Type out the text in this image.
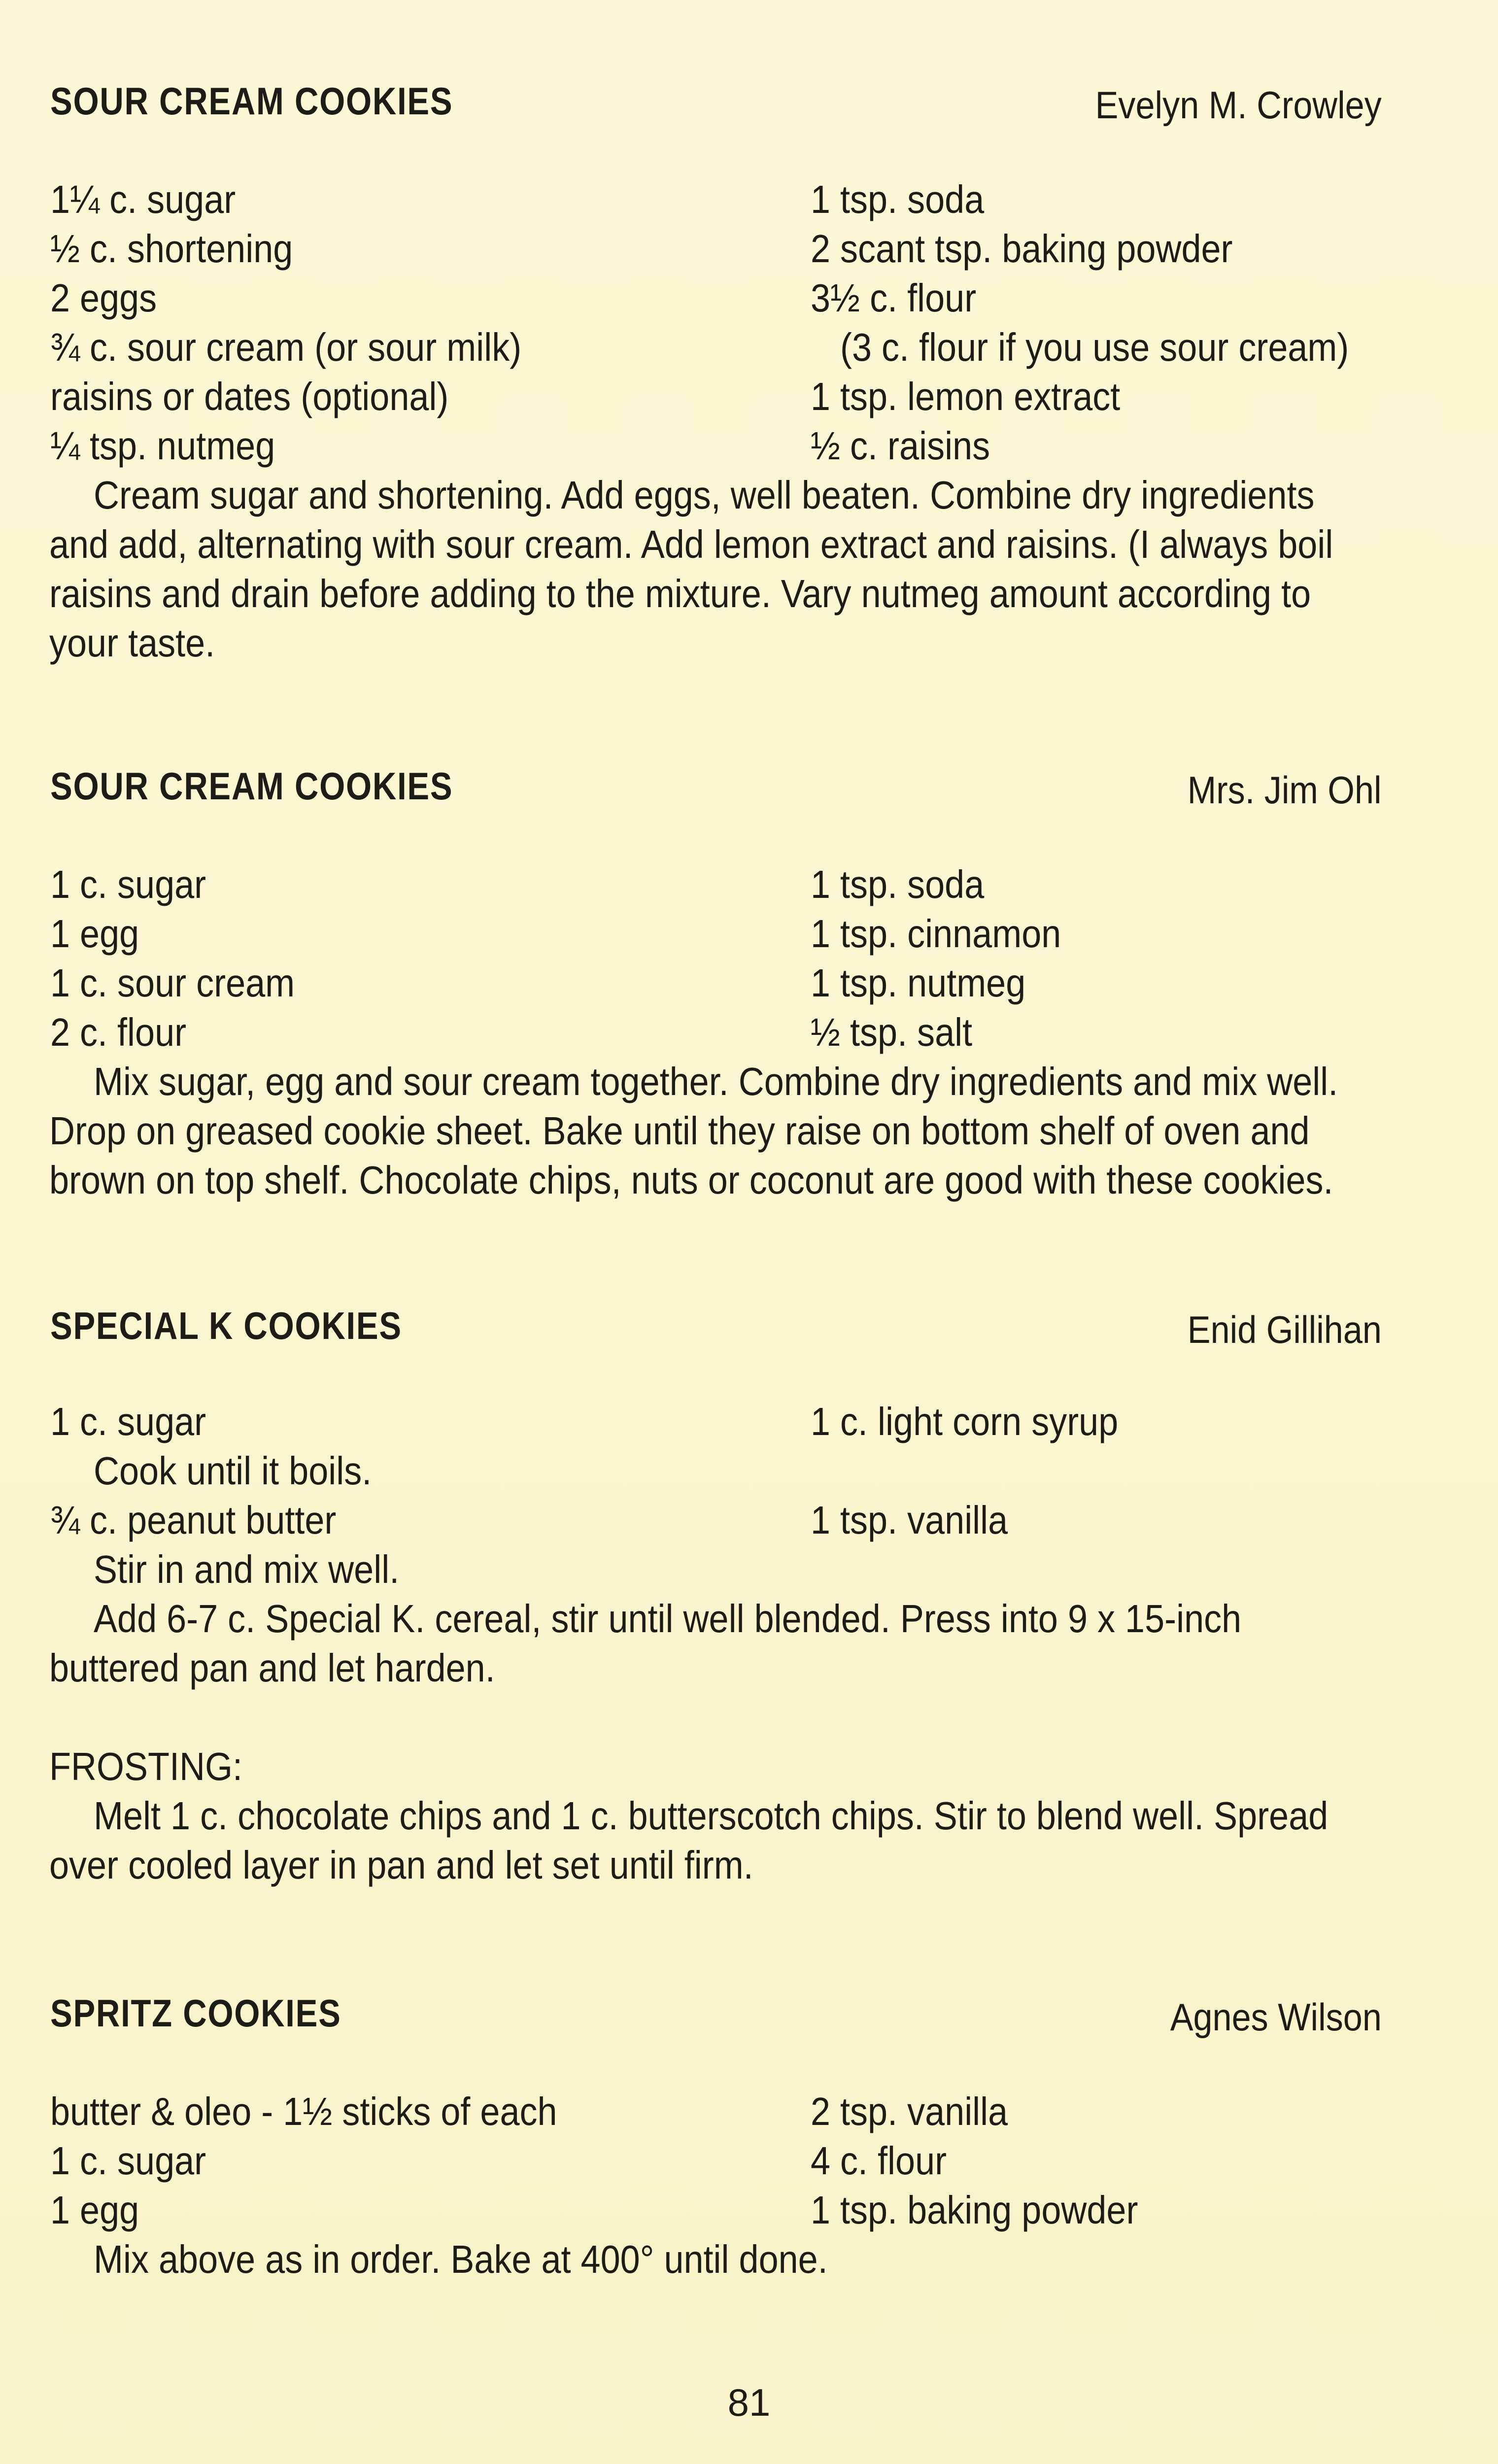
SOUR CREAM COOKIES	Evelyn M. Crowley
1¼ c. sugar	1 tsp. soda
½ c. shortening	2 scant tsp. baking powder
2 eggs	3½ c. flour
¾ c. sour cream (or sour milk)	(3 c. flour if you use sour cream)
raisins or dates (optional)	1 tsp. lemon extract
¼ tsp. nutmeg	½ c. raisins
Cream sugar and shortening. Add eggs, well beaten. Combine dry ingredients
and add, alternating with sour cream. Add lemon extract and raisins. (I always boil
raisins and drain before adding to the mixture. Vary nutmeg amount according to
your taste.
SOUR CREAM COOKIES	Mrs. Jim Ohl
1 c. sugar	1 tsp. soda
1 egg	1 tsp. cinnamon
1 c. sour cream	1 tsp. nutmeg
2 c. flour	½ tsp. salt
Mix sugar, egg and sour cream together. Combine dry ingredients and mix well.
Drop on greased cookie sheet. Bake until they raise on bottom shelf of oven and
brown on top shelf. Chocolate chips, nuts or coconut are good with these cookies.
SPECIAL K COOKIES	Enid Gillihan
1 c. sugar	1 c. light corn syrup
Cook until it boils.
¾ c. peanut butter	1 tsp. vanilla
Stir in and mix well.
Add 6-7 c. Special K. cereal, stir until well blended. Press into 9 x 15-inch
buttered pan and let harden.
FROSTING:
Melt 1 c. chocolate chips and 1 c. butterscotch chips. Stir to blend well. Spread
over cooled layer in pan and let set until firm.
SPRITZ COOKIES	Agnes Wilson
butter & oleo - 1½ sticks of each	2 tsp. vanilla
1 c. sugar	4 c. flour
1 egg	1 tsp. baking powder
Mix above as in order. Bake at 400° until done.
81
